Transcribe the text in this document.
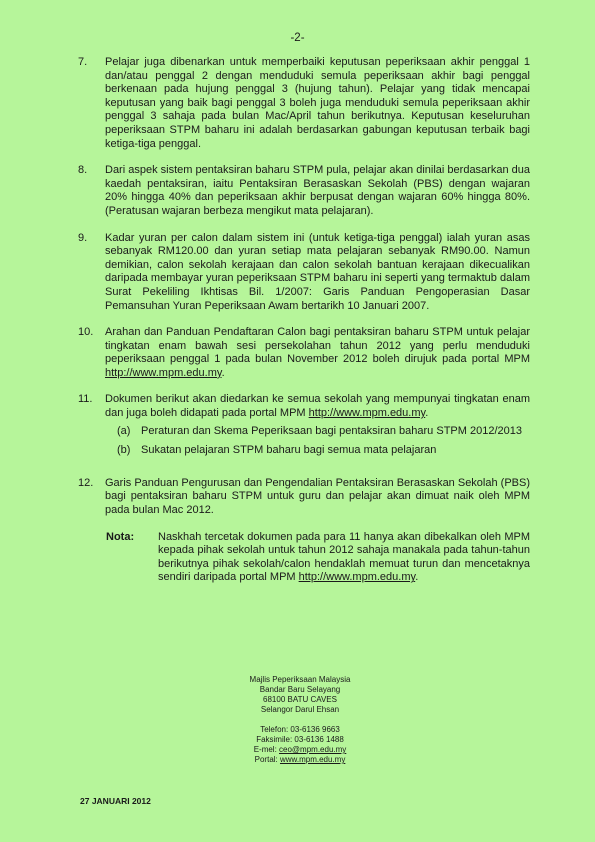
-2-
7.	Pelajar juga dibenarkan untuk memperbaiki keputusan peperiksaan akhir penggal 1 dan/atau penggal 2 dengan menduduki semula peperiksaan akhir bagi penggal berkenaan pada hujung penggal 3 (hujung tahun). Pelajar yang tidak mencapai keputusan yang baik bagi penggal 3 boleh juga menduduki semula peperiksaan akhir penggal 3 sahaja pada bulan Mac/April tahun berikutnya. Keputusan keseluruhan peperiksaan STPM baharu ini adalah berdasarkan gabungan keputusan terbaik bagi ketiga-tiga penggal.
8.	Dari aspek sistem pentaksiran baharu STPM pula, pelajar akan dinilai berdasarkan dua kaedah pentaksiran, iaitu Pentaksiran Berasaskan Sekolah (PBS) dengan wajaran 20% hingga 40% dan peperiksaan akhir berpusat dengan wajaran 60% hingga 80%. (Peratusan wajaran berbeza mengikut mata pelajaran).
9.	Kadar yuran per calon dalam sistem ini (untuk ketiga-tiga penggal) ialah yuran asas sebanyak RM120.00 dan yuran setiap mata pelajaran sebanyak RM90.00. Namun demikian, calon sekolah kerajaan dan calon sekolah bantuan kerajaan dikecualikan daripada membayar yuran peperiksaan STPM baharu ini seperti yang termaktub dalam Surat Pekeliling Ikhtisas Bil. 1/2007: Garis Panduan Pengoperasian Dasar Pemansuhan Yuran Peperiksaan Awam bertarikh 10 Januari 2007.
10.	Arahan dan Panduan Pendaftaran Calon bagi pentaksiran baharu STPM untuk pelajar tingkatan enam bawah sesi persekolahan tahun 2012 yang perlu menduduki peperiksaan penggal 1 pada bulan November 2012 boleh dirujuk pada portal MPM http://www.mpm.edu.my.
11.	Dokumen berikut akan diedarkan ke semua sekolah yang mempunyai tingkatan enam dan juga boleh didapati pada portal MPM http://www.mpm.edu.my.
(a) Peraturan dan Skema Peperiksaan bagi pentaksiran baharu STPM 2012/2013
(b) Sukatan pelajaran STPM baharu bagi semua mata pelajaran
12.	Garis Panduan Pengurusan dan Pengendalian Pentaksiran Berasaskan Sekolah (PBS) bagi pentaksiran baharu STPM untuk guru dan pelajar akan dimuat naik oleh MPM pada bulan Mac 2012.
Nota:	Naskhah tercetak dokumen pada para 11 hanya akan dibekalkan oleh MPM kepada pihak sekolah untuk tahun 2012 sahaja manakala pada tahun-tahun berikutnya pihak sekolah/calon hendaklah memuat turun dan mencetaknya sendiri daripada portal MPM http://www.mpm.edu.my.
Majlis Peperiksaan Malaysia
Bandar Baru Selayang
68100 BATU CAVES
Selangor Darul Ehsan
Telefon: 03-6136 9663
Faksimile: 03-6136 1488
E-mel: ceo@mpm.edu.my
Portal: www.mpm.edu.my
27 JANUARI 2012
